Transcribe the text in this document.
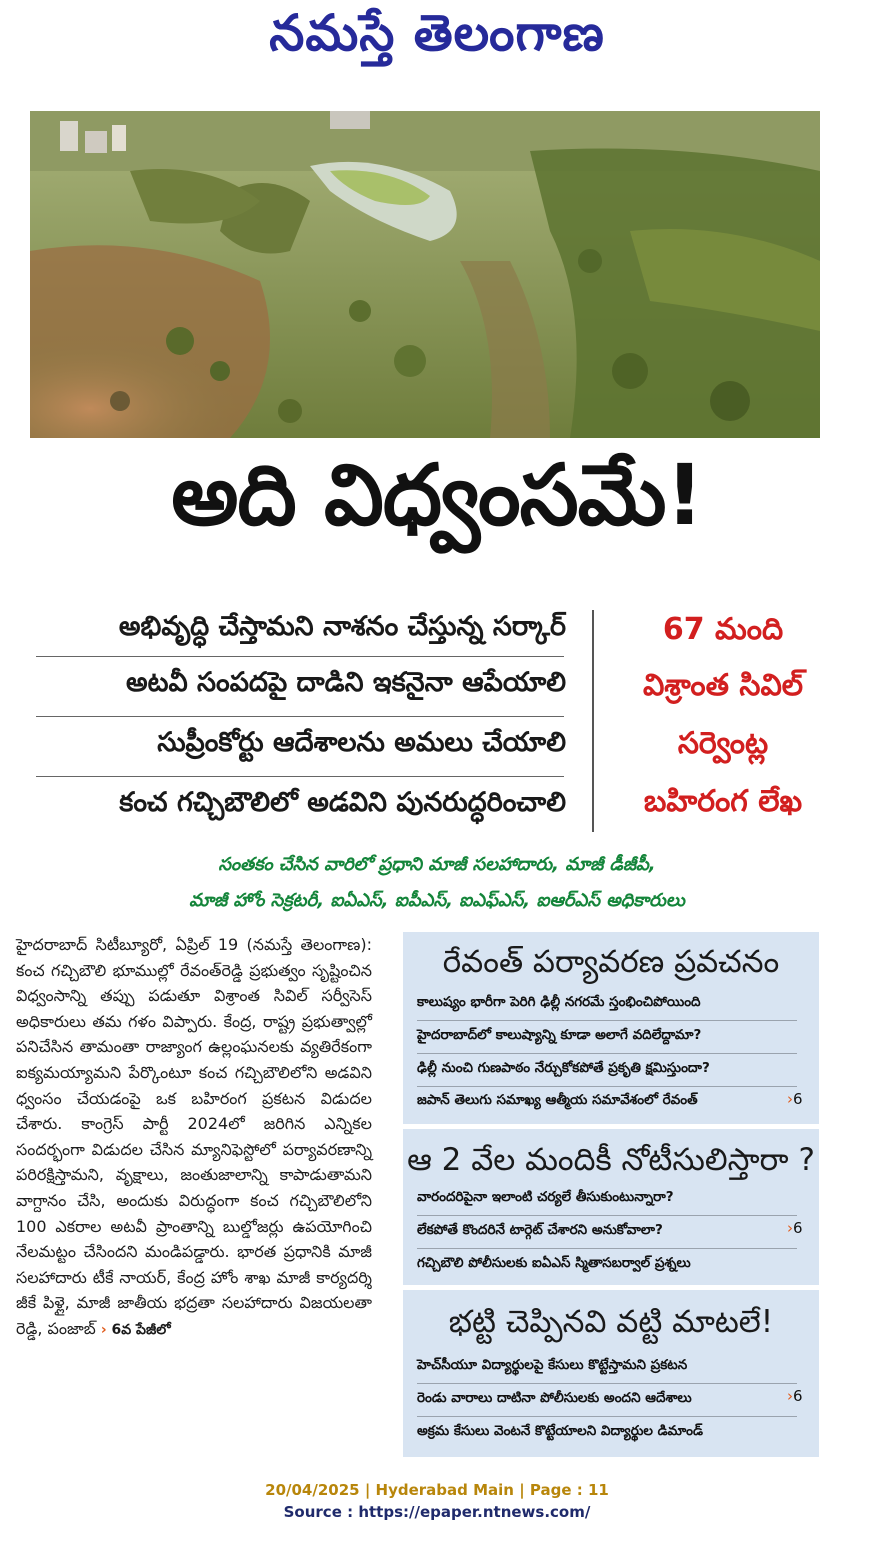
నమస్తే తెలంగాణ
అది విధ్వంసమే!
అభివృద్ధి చేస్తామని నాశనం చేస్తున్న సర్కార్
అటవీ సంపదపై దాడిని ఇకనైనా ఆపేయాలి
సుప్రీంకోర్టు ఆదేశాలను అమలు చేయాలి
కంచ గచ్చిబౌలిలో అడవిని పునరుద్ధరించాలి
67 మంది
విశ్రాంత సివిల్
సర్వెంట్ల
బహిరంగ లేఖ
సంతకం చేసిన వారిలో ప్రధాని మాజీ సలహాదారు, మాజీ డీజీపీ,
మాజీ హోం సెక్రటరీ, ఐఏఎస్, ఐపీఎస్, ఐఎఫ్ఎస్, ఐఆర్ఎస్ అధికారులు
హైదరాబాద్ సిటీబ్యూరో, ఏప్రిల్ 19 (నమస్తే తెలంగాణ): కంచ గచ్చిబౌలి భూముల్లో రేవంత్‌రెడ్డి ప్రభుత్వం సృష్టించిన విధ్వంసాన్ని తప్పు పడుతూ విశ్రాంత సివిల్ సర్వీసెస్ అధికారులు తమ గళం విప్పారు. కేంద్ర, రాష్ట్ర ప్రభుత్వాల్లో పనిచేసిన తామంతా రాజ్యాంగ ఉల్లంఘనలకు వ్యతిరేకంగా ఐక్యమయ్యామని పేర్కొంటూ కంచ గచ్చిబౌలిలోని అడవిని ధ్వంసం చేయడంపై ఒక బహిరంగ ప్రకటన విడుదల చేశారు. కాంగ్రెస్ పార్టీ 2024లో జరిగిన ఎన్నికల సందర్భంగా విడుదల చేసిన మ్యానిఫెస్టోలో పర్యావరణాన్ని పరిరక్షిస్తామని, వృక్షాలు, జంతుజాలాన్ని కాపాడుతామని వాగ్దానం చేసి, అందుకు విరుద్ధంగా కంచ గచ్చిబౌలిలోని 100 ఎకరాల అటవీ ప్రాంతాన్ని బుల్డోజర్లు ఉపయోగించి నేలమట్టం చేసిందని మండిపడ్డారు. భారత ప్రధానికి మాజీ సలహాదారు టీకే నాయర్, కేంద్ర హోం శాఖ మాజీ కార్యదర్శి జీకే పిళ్లై, మాజీ జాతీయ భద్రతా సలహాదారు విజయలతా రెడ్డి, పంజాబ్ › 6వ పేజీలో
రేవంత్ పర్యావరణ ప్రవచనం
కాలుష్యం భారీగా పెరిగి ఢిల్లీ నగరమే స్తంభించిపోయింది
హైదరాబాద్‌లో కాలుష్యాన్ని కూడా అలాగే వదిలేద్దామా?
ఢిల్లీ నుంచి గుణపాఠం నేర్చుకోకపోతే ప్రకృతి క్షమిస్తుందా?
జపాన్ తెలుగు సమాఖ్య ఆత్మీయ సమావేశంలో రేవంత్	›6
ఆ 2 వేల మందికీ నోటీసులిస్తారా ?
వారందరిపైనా ఇలాంటి చర్యలే తీసుకుంటున్నారా?
లేకపోతే కొందరినే టార్గెట్ చేశారని అనుకోవాలా?	›6
గచ్చిబౌలి పోలీసులకు ఐఏఎస్ స్మితాసబర్వాల్ ప్రశ్నలు
భట్టి చెప్పినవి వట్టి మాటలే!
హెచ్‌సీయూ విద్యార్థులపై కేసులు కొట్టేస్తామని ప్రకటన
రెండు వారాలు దాటినా పోలీసులకు అందని ఆదేశాలు	›6
అక్రమ కేసులు వెంటనే కొట్టేయాలని విద్యార్థుల డిమాండ్
20/04/2025 | Hyderabad Main | Page : 11
Source : https://epaper.ntnews.com/
